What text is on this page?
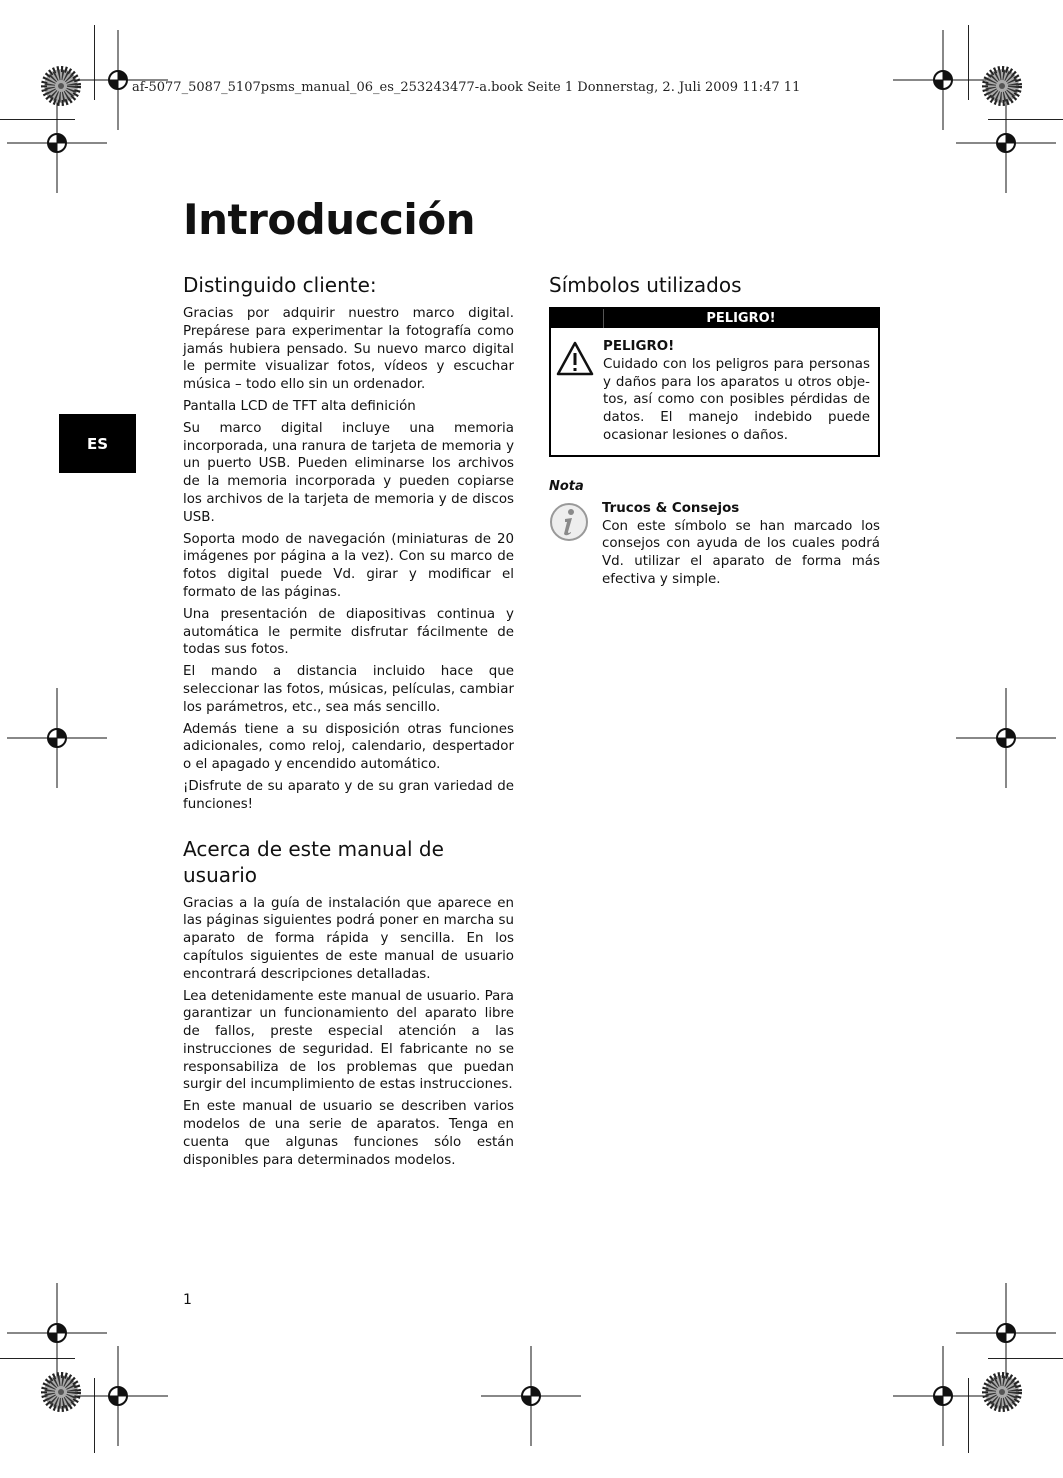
af-5077_5087_5107psms_manual_06_es_253243477-a.book Seite 1 Donnerstag, 2. Juli 2009 11:47 11
Introducción
ES
Distinguido cliente:

Gracias por adquirir nuestro marco digital. Prepárese para experimentar la fotografía como jamás hubiera pensado. Su nuevo marco digital le permite visualizar fotos, vídeos y escuchar música – todo ello sin un ordenador.

Pantalla LCD de TFT alta definición

Su marco digital incluye una memoria incorporada, una ranura de tarjeta de memoria y un puerto USB. Pueden eliminarse los archivos de la memoria incorporada y pueden copiarse los archivos de la tarjeta de memoria y de discos USB.

Soporta modo de navegación (miniaturas de 20 imágenes por página a la vez). Con su marco de fotos digital puede Vd. girar y modificar el formato de las páginas.

Una presentación de diapositivas continua y automática le permite disfrutar fácilmente de todas sus fotos.

El mando a distancia incluido hace que seleccionar las fotos, músicas, películas, cambiar los parámetros, etc., sea más sencillo.

Además tiene a su disposición otras funciones adicionales, como reloj, calendario, despertador o el apagado y encendido automático.

¡Disfrute de su aparato y de su gran variedad de funciones!

Acerca de este manual de usuario

Gracias a la guía de instalación que aparece en las páginas siguientes podrá poner en marcha su aparato de forma rápida y sencilla. En los capítulos siguientes de este manual de usuario encontrará descripciones detalladas.

Lea detenidamente este manual de usuario. Para garantizar un funcionamiento del aparato libre de fallos, preste especial atención a las instrucciones de seguridad. El fabricante no se responsabiliza de los problemas que puedan surgir del incumplimiento de estas instrucciones.

En este manual de usuario se describen varios modelos de una serie de aparatos. Tenga en cuenta que algunas funciones sólo están disponibles para determinados modelos.

Símbolos utilizados
PELIGRO!
PELIGRO!

Cuidado con los peligros para personas y daños para los aparatos u otros objetos, así como con posibles pérdidas de datos. El manejo indebido puede ocasionar lesiones o daños.

Nota
Trucos & Consejos

Con este símbolo se han marcado los consejos con ayuda de los cuales podrá Vd. utilizar el aparato de forma más efectiva y simple.

1
